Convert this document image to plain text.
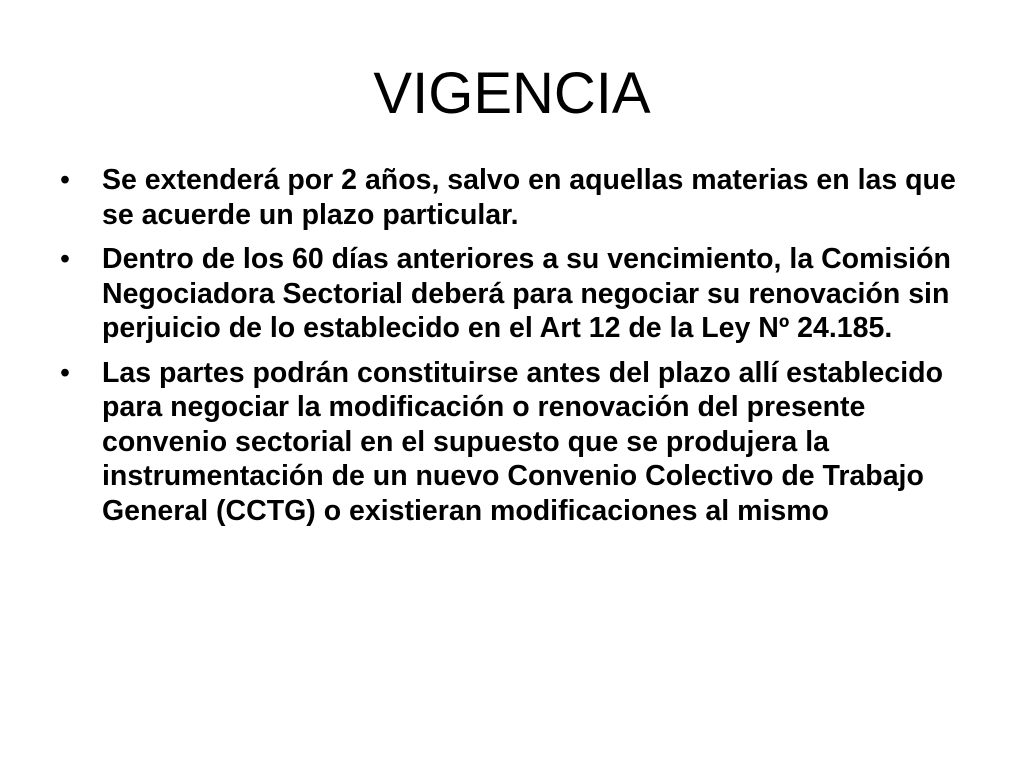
VIGENCIA
• Se extenderá por 2 años, salvo en aquellas materias en las que se acuerde un plazo particular.
• Dentro de los 60 días anteriores a su vencimiento, la Comisión Negociadora Sectorial deberá para negociar su renovación sin perjuicio de lo establecido en el Art 12 de la Ley Nº 24.185.
• Las partes podrán constituirse antes del plazo allí establecido para negociar la modificación o renovación del presente convenio sectorial en el supuesto que se produjera la instrumentación de un nuevo Convenio Colectivo de Trabajo General (CCTG) o existieran modificaciones al mismo
